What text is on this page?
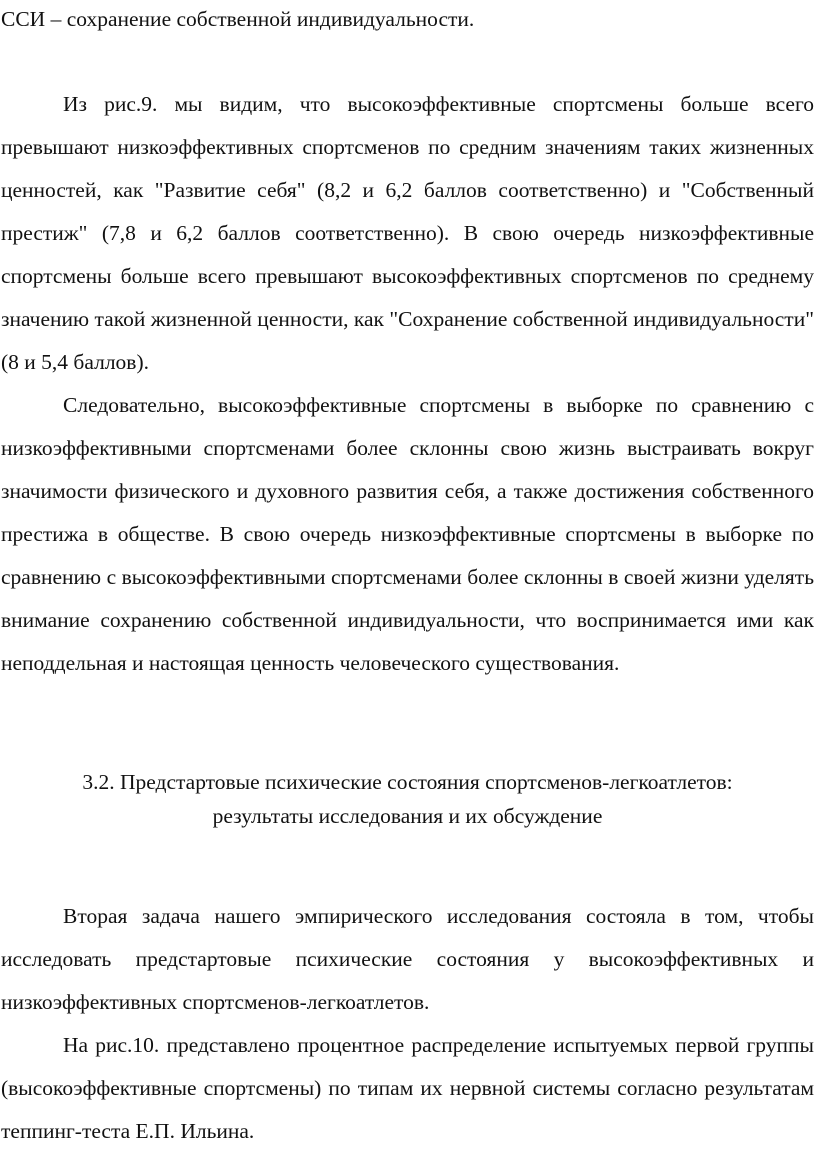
ССИ – сохранение собственной индивидуальности.

Из рис.9. мы видим, что высокоэффективные спортсмены больше всего превышают низкоэффективных спортсменов по средним значениям таких жизненных ценностей, как "Развитие себя" (8,2 и 6,2 баллов соответственно) и "Собственный престиж" (7,8 и 6,2 баллов соответственно). В свою очередь низкоэффективные спортсмены больше всего превышают высокоэффективных спортсменов по среднему значению такой жизненной ценности, как "Сохранение собственной индивидуальности" (8 и 5,4 баллов).

Следовательно, высокоэффективные спортсмены в выборке по сравнению с низкоэффективными спортсменами более склонны свою жизнь выстраивать вокруг значимости физического и духовного развития себя, а также достижения собственного престижа в обществе. В свою очередь низкоэффективные спортсмены в выборке по сравнению с высокоэффективными спортсменами более склонны в своей жизни уделять внимание сохранению собственной индивидуальности, что воспринимается ими как неподдельная и настоящая ценность человеческого существования.

3.2. Предстартовые психические состояния спортсменов-легкоатлетов:
результаты исследования и их обсуждение

Вторая задача нашего эмпирического исследования состояла в том, чтобы исследовать предстартовые психические состояния у высокоэффективных и низкоэффективных спортсменов-легкоатлетов.

На рис.10. представлено процентное распределение испытуемых первой группы (высокоэффективные спортсмены) по типам их нервной системы согласно результатам теппинг-теста Е.П. Ильина.
